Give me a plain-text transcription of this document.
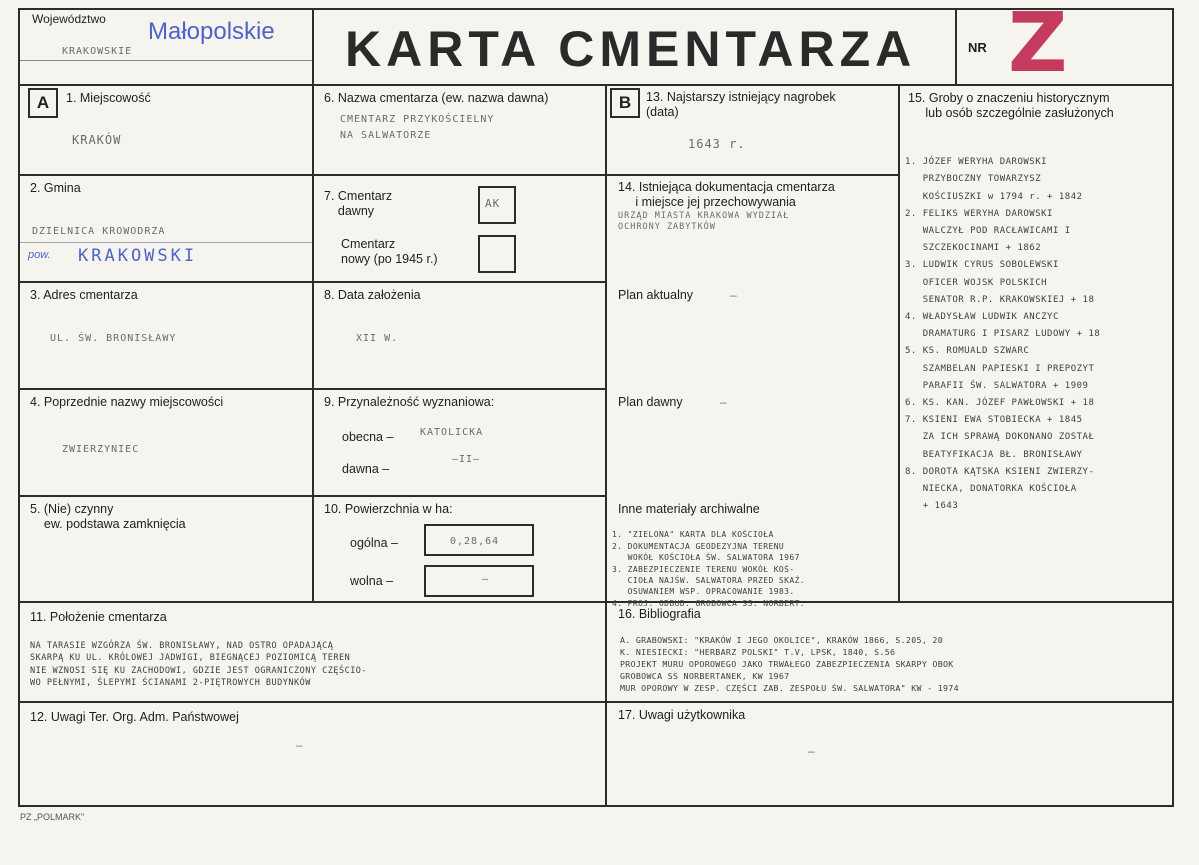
Województwo Małopolskie
KRAKOWSKIE	KARTA CMENTARZA	NR Z
A	1. Miejscowość
KRAKÓW
2. Gmina
DZIELNICA KROWODRZA
pow. KRAKOWSKI
3. Adres cmentarza
UL. ŚW. BRONISŁAWY
4. Poprzednie nazwy miejscowości
ZWIERZYNIEC
5. (Nie) czynny
ew. podstawa zamknięcia
6. Nazwa cmentarza (ew. nazwa dawna)
CMENTARZ PRZYKOŚCIELNY
NA SALWATORZE
7. Cmentarz
dawny
AK
Cmentarz
nowy (po 1945 r.)
8. Data założenia
XII W.
9. Przynależność wyznaniowa:
obecna –	KATOLICKA
dawna –
–II–
10. Powierzchnia w ha:
ogólna –	0,28,64
wolna –	–
B	13. Najstarszy istniejący nagrobek
(data)
1643 r.
14. Istniejąca dokumentacja cmentarza
i miejsce jej przechowywania
URZĄD MIASTA KRAKOWA WYDZIAŁ
OCHRONY ZABYTKÓW
Plan aktualny	–
Plan dawny	–
Inne materiały archiwalne

1. "ZIELONA" KARTA DLA KOŚCIOŁA
2. DOKUMENTACJA GEODEZYJNA TERENU
WOKÓŁ KOŚCIOŁA ŚW. SALWATORA 1967
3. ZABEZPIECZENIE TERENU WOKÓŁ KOŚ-
CIOŁA NAJŚW. SALWATORA PRZED SKAŻ.
OSUWANIEM WSP. OPRACOWANIE 1983.
4. PROJ. ODBUD. GROBOWCA SS. NORBERT.

15. Groby o znaczeniu historycznym
lub osób szczególnie zasłużonych

1. JÓZEF WERYHA DAROWSKI
PRZYBOCZNY TOWARZYSZ
KOŚCIUSZKI w 1794 r. + 1842
2. FELIKS WERYHA DAROWSKI
WALCZYŁ POD RACŁAWICAMI I
SZCZEKOCINAMI + 1862
3. LUDWIK CYRUS SOBOLEWSKI
OFICER WOJSK POLSKICH
SENATOR R.P. KRAKOWSKIEJ + 18
4. WŁADYSŁAW LUDWIK ANCZYC
DRAMATURG I PISARZ LUDOWY + 18
5. KS. ROMUALD SZWARC
SZAMBELAN PAPIESKI I PREPOZYT
PARAFII ŚW. SALWATORA + 1909
6. KS. KAN. JÓZEF PAWŁOWSKI + 18
7. KSIENI EWA STOBIECKA + 1845
ZA ICH SPRAWĄ DOKONANO ZOSTAŁ
BEATYFIKACJA BŁ. BRONISŁAWY
8. DOROTA KĄTSKA KSIENI ZWIERZY-
NIECKA, DONATORKA KOŚCIOŁA
+ 1643

11. Położenie cmentarza

NA TARASIE WZGÓRZA ŚW. BRONISŁAWY, NAD OSTRO OPADAJĄCĄ
SKARPĄ KU UL. KRÓLOWEJ JADWIGI, BIEGNĄCEJ POZIOMICĄ TEREN
NIE WZNOSI SIĘ KU ZACHODOWI, GDZIE JEST OGRANICZONY CZĘŚCIO-
WO PEŁNYMI, ŚLEPYMI ŚCIANAMI 2-PIĘTROWYCH BUDYNKÓW

16. Bibliografia

A. GRABOWSKI: "KRAKÓW I JEGO OKOLICE", KRAKÓW 1866, S.205, 20
K. NIESIECKI: "HERBARZ POLSKI" T.V, LPSK, 1840, S.56
PROJEKT MURU OPOROWEGO JAKO TRWAŁEGO ZABEZPIECZENIA SKARPY OBOK
GROBOWCA SS NORBERTANEK, KW 1967
MUR OPOROWY W ZESP. CZĘŚCI ZAB. ZESPOŁU ŚW. SALWATORA" KW - 1974

12. Uwagi Ter. Org. Adm. Państwowej
–
17. Uwagi użytkownika
–
PZ „POLMARK"
